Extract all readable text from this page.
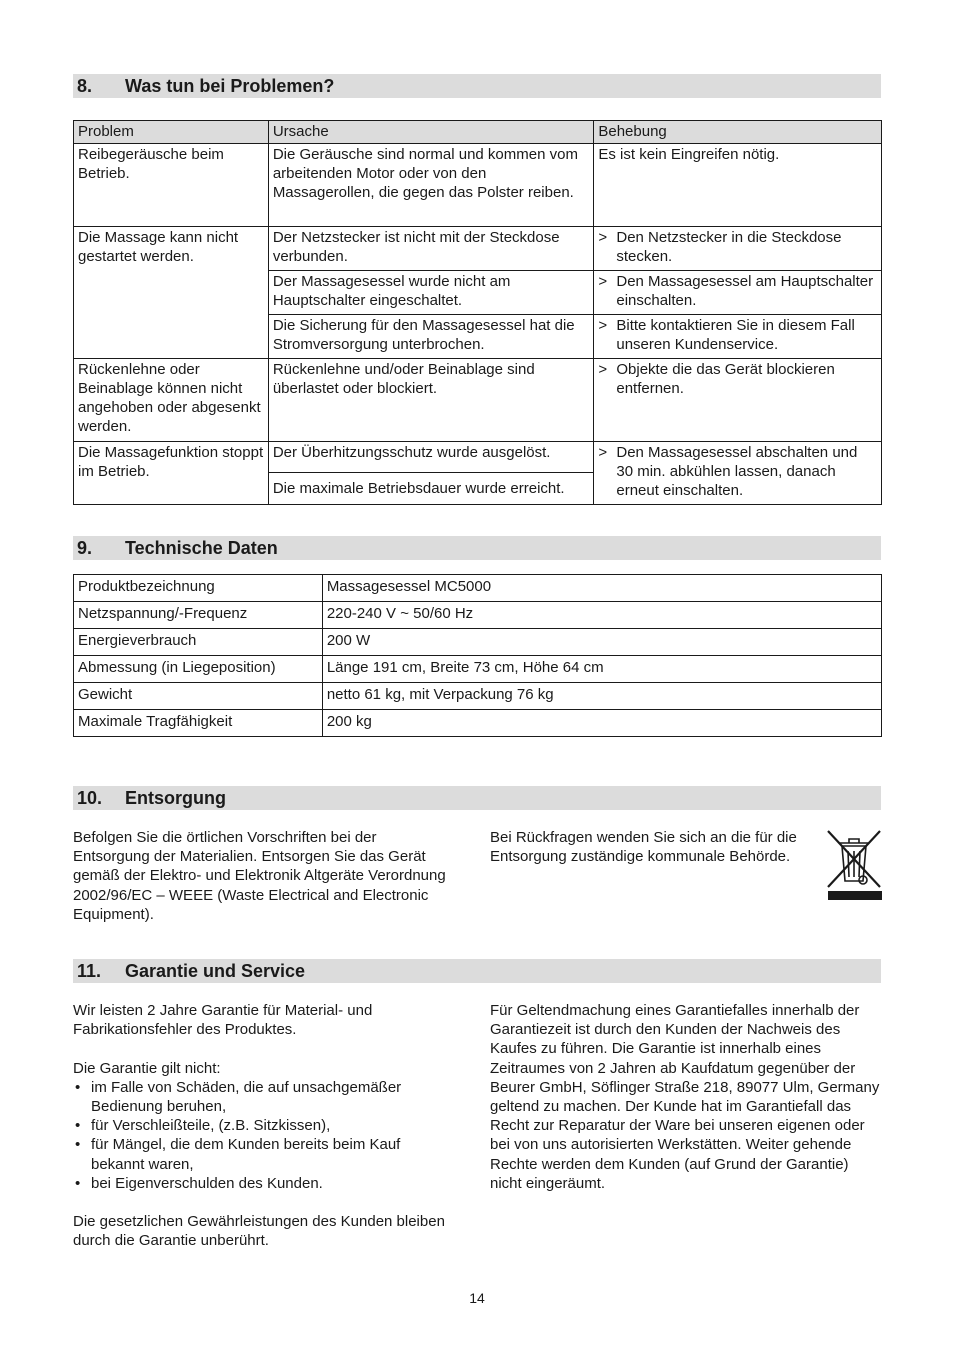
8. Was tun bei Problemen?
Problem	Ursache	Behebung
Reibegeräusche beim Betrieb.	Die Geräusche sind normal und kommen vom arbeitenden Motor oder von den Massagerollen, die gegen das Polster reiben.	Es ist kein Eingreifen nötig.
Die Massage kann nicht gestartet werden.	Der Netzstecker ist nicht mit der Steckdose verbunden.	> Den Netzstecker in die Steckdose stecken.

	Der Massagesessel wurde nicht am Hauptschalter eingeschaltet.	> Den Massagesessel am Hauptschalter einschalten.

	Die Sicherung für den Massagesessel hat die Stromversorgung unterbrochen.	> Bitte kontaktieren Sie in diesem Fall unseren Kundenservice.

Rückenlehne oder Beinablage können nicht angehoben oder abgesenkt werden.	Rückenlehne und/oder Beinablage sind überlastet oder blockiert.	> Objekte die das Gerät blockieren entfernen.

Die Massagefunktion stoppt im Betrieb.	Der Überhitzungsschutz wurde ausgelöst.	> Den Massagesessel abschalten und 30 min. abkühlen lassen, danach erneut einschalten.

	Die maximale Betriebsdauer wurde erreicht.	
9. Technische Daten
Produktbezeichnung	Massagesessel MC5000
Netzspannung/-Frequenz	220-240 V ~ 50/60 Hz
Energieverbrauch	200 W
Abmessung (in Liegeposition)	Länge 191 cm, Breite 73 cm, Höhe 64 cm
Gewicht	netto 61 kg, mit Verpackung 76 kg
Maximale Tragfähigkeit	200 kg
10. Entsorgung

Befolgen Sie die örtlichen Vorschriften bei der Entsorgung der Materialien. Entsorgen Sie das Gerät gemäß der Elektro- und Elektronik Altgeräte Verordnung 2002/96/EC – WEEE (Waste Electrical and Electronic Equipment).

Bei Rückfragen wenden Sie sich an die für die Entsorgung zuständige kommunale Behörde.

11. Garantie und Service

Wir leisten 2 Jahre Garantie für Material- und Fabrikationsfehler des Produktes.

Die Garantie gilt nicht:

• im Falle von Schäden, die auf unsachgemäßer Bedienung beruhen,
• für Verschleißteile, (z.B. Sitzkissen),
• für Mängel, die dem Kunden bereits beim Kauf bekannt waren,
• bei Eigenverschulden des Kunden.

Die gesetzlichen Gewährleistungen des Kunden bleiben durch die Garantie unberührt.

Für Geltendmachung eines Garantiefalles innerhalb der Garantiezeit ist durch den Kunden der Nachweis des Kaufes zu führen. Die Garantie ist innerhalb eines Zeitraumes von 2 Jahren ab Kaufdatum gegenüber der Beurer GmbH, Söflinger Straße 218, 89077 Ulm, Germany

geltend zu machen. Der Kunde hat im Garantiefall das Recht zur Reparatur der Ware bei unseren eigenen oder bei von uns autorisierten Werkstätten. Weiter gehende Rechte werden dem Kunden (auf Grund der Garantie) nicht eingeräumt.

14
